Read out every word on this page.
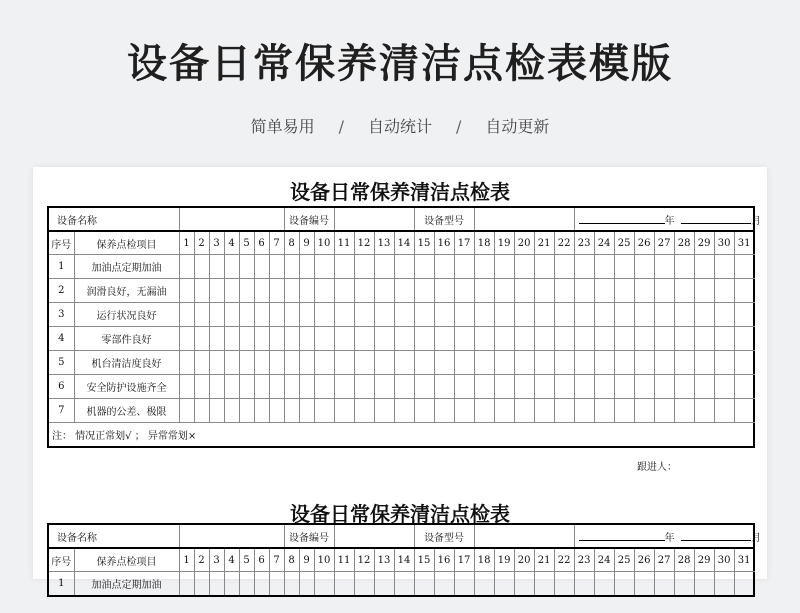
设备日常保养清洁点检表模版
简单易用 / 自动统计 / 自动更新
设备日常保养清洁点检表
设备名称									设备编号							设备型号								年 月								
序号	保养点检项目	1	2	3	4	5	6	7	8	9	10	11	12	13	14	15	16	17	18	19	20	21	22	23	24	25	26	27	28	29	30	31
1	加油点定期加油																															
2	润滑良好，无漏油																															
3	运行状况良好																															
4	零部件良好																															
5	机台清洁度良好																															
6	安全防护设施齐全																															
7	机器的公差、极限																															
注： 情况正常划√ ； 异常常划×																																
跟进人：
设备日常保养清洁点检表
设备名称									设备编号							设备型号								年 月								
序号	保养点检项目	1	2	3	4	5	6	7	8	9	10	11	12	13	14	15	16	17	18	19	20	21	22	23	24	25	26	27	28	29	30	31
1	加油点定期加油																															
